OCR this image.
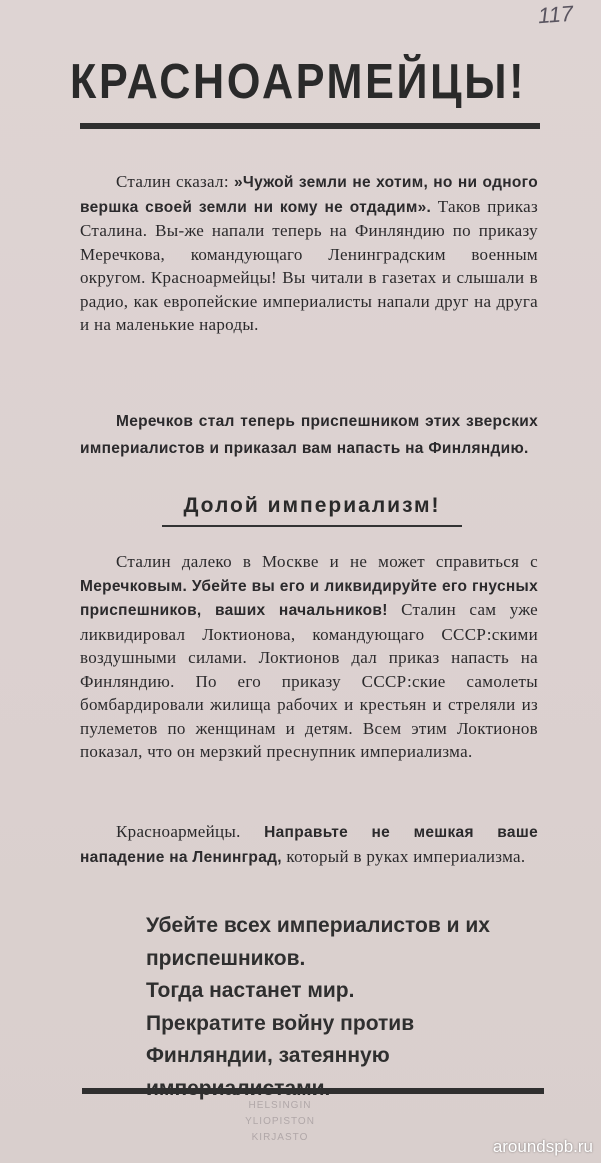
117
КРАСНОАРМЕЙЦЫ!
Сталин сказал: »Чужой земли не хотим, но ни одного вершка своей земли ни кому не отдадим». Таков приказ Сталина. Вы-же напали теперь на Финляндию по приказу Меречкова, командующаго Ленинградским военным округом. Красноармейцы! Вы читали в газетах и слышали в радио, как европейские империалисты напали друг на друга и на маленькие народы.
Меречков стал теперь приспешником этих зверских империалистов и приказал вам напасть на Финляндию.
Долой империализм!
Сталин далеко в Москве и не может справиться с Меречковым. Убейте вы его и ликвидируйте его гнусных приспешников, ваших начальников! Сталин сам уже ликвидировал Локтионова, командующаго СССР:скими воздушными силами. Локтионов дал приказ напасть на Финляндию. По его приказу СССР:ские самолеты бомбардировали жилища рабочих и крестьян и стреляли из пулеметов по женщинам и детям. Всем этим Локтионов показал, что он мерзкий преснупник империализма.
Красноармейцы. Направьте не мешкая ваше нападение на Ленинград, который в руках империализма.
Убейте всех империалистов и их приспешников.
Тогда настанет мир.
Прекратите войну против Финляндии, затеянную
HELSINGIN
YLIOPISTON
KIRJASTO	aroundspb.ru
